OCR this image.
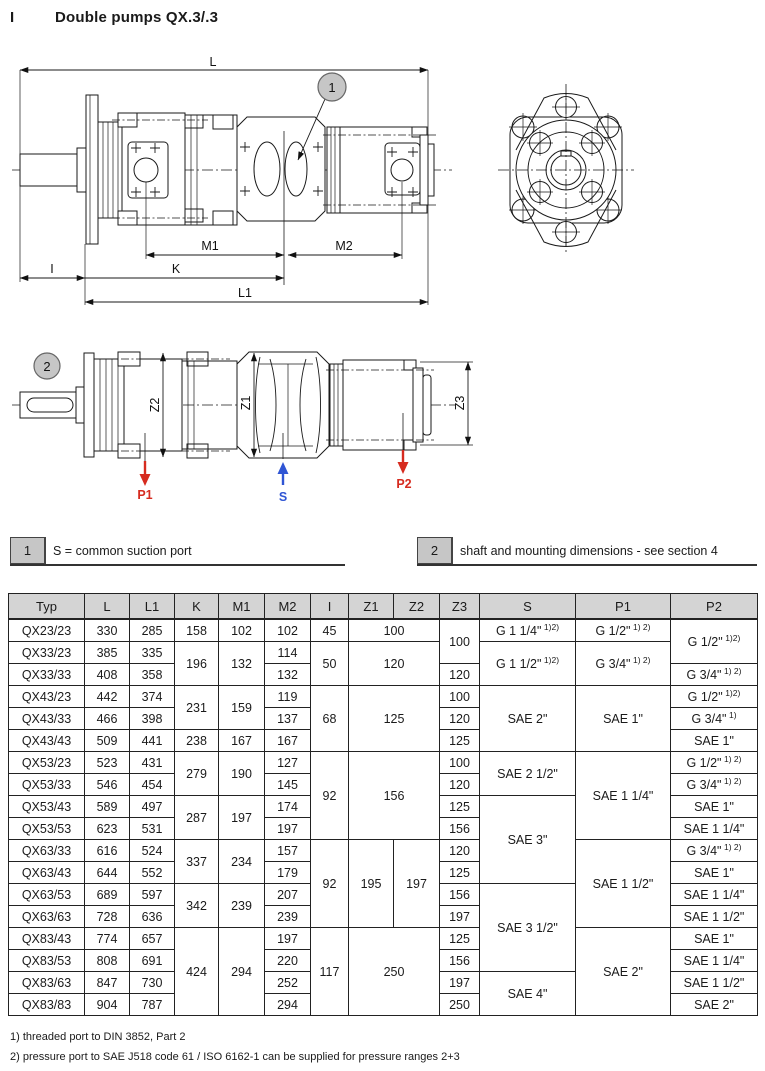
I	Double pumps QX.3/.3
L
M1	M2
I	K
L1
1
Z2	Z1	Z3
P1	S
P2
2
1	S = common suction port	2	shaft and mounting dimensions - see section 4
Typ	L	L1	K	M1	M2	I	Z1	Z2	Z3	S	P1	P2
QX23/23	330	285	158	102	102	45	100		100	G 1 1/4"  $^{1)2)}$	G 1/2"  $^{1) 2)}$	G 1/2"  $^{1)2)}$
QX33/23	385	335	196	132	114	50	120			G 1 1/2"  $^{1)2)}$	G 3/4"  $^{1) 2)}$
QX33/33	408	358			132				120			G 3/4"  $^{1) 2)}$
QX43/23	442	374	231	159	119	68	125		100	SAE 2"	SAE 1"	G 1/2"  $^{1)2)}$
QX43/33	466	398			137				120			G 3/4"  $^{1)}$
QX43/43	509	441	238	167	167				125			SAE 1"
QX53/23	523	431	279	190	127	92	156		100	SAE 2 1/2"	SAE 1 1/4"	G 1/2"  $^{1) 2)}$
QX53/33	546	454			145				120			G 3/4"  $^{1) 2)}$
QX53/43	589	497	287	197	174				125	SAE 3"		SAE 1"
QX53/53	623	531			197				156			SAE 1 1/4"
QX63/33	616	524	337	234	157	92	195	197	120		SAE 1 1/2"	G 3/4"  $^{1) 2)}$
QX63/43	644	552			179				125			SAE 1"
QX63/53	689	597	342	239	207				156	SAE 3 1/2"		SAE 1 1/4"
QX63/63	728	636			239				197			SAE 1 1/2"
QX83/43	774	657	424	294	197	117	250		125		SAE 2"	SAE 1"
QX83/53	808	691			220				156			SAE 1 1/4"
QX83/63	847	730			252				197	SAE 4"		SAE 1 1/2"
QX83/83	904	787			294				250			SAE 2"
1) threaded port to DIN 3852, Part 2
2) pressure port to SAE J518 code 61 / ISO 6162-1 can be supplied for pressure ranges 2+3
